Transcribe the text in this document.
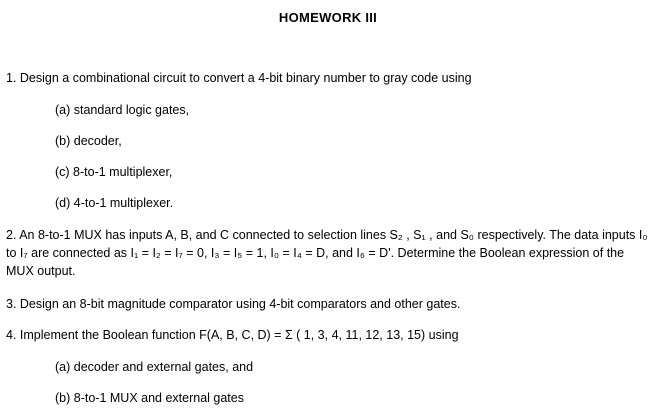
HOMEWORK III
1. Design a combinational circuit to convert a 4-bit binary number to gray code using
(a) standard logic gates,
(b) decoder,
(c) 8-to-1 multiplexer,
(d) 4-to-1 multiplexer.
2. An 8-to-1 MUX has inputs A, B, and C connected to selection lines S₂ , S₁ , and S₀ respectively. The data inputs I₀ to I₇ are connected as I₁ = I₂ = I₇ = 0, I₃ = I₅ = 1, I₀ = I₄ = D, and I₆ = D'. Determine the Boolean expression of the MUX output.
3. Design an 8-bit magnitude comparator using 4-bit comparators and other gates.
4. Implement the Boolean function F(A, B, C, D) = Σ ( 1, 3, 4, 11, 12, 13, 15) using
(a) decoder and external gates, and
(b) 8-to-1 MUX and external gates
